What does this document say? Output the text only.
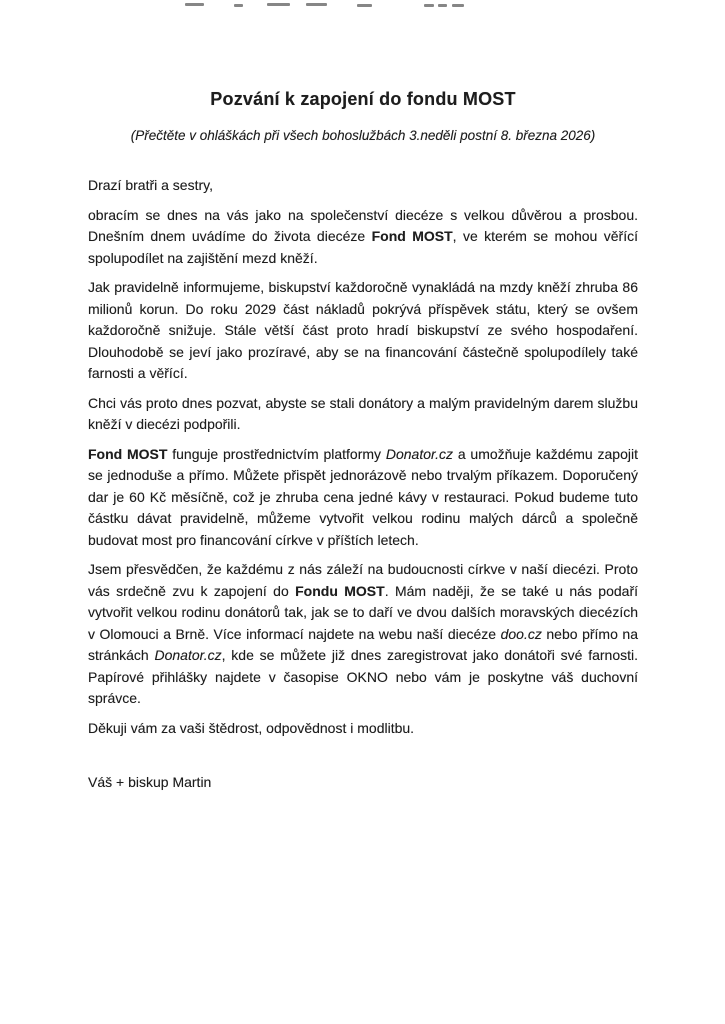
Pozvání k zapojení do fondu MOST

(Přečtěte v ohláškách při všech bohoslužbách 3.neděli postní 8. března 2026)

Drazí bratři a sestry,

obracím se dnes na vás jako na společenství diecéze s velkou důvěrou a prosbou. Dnešním dnem uvádíme do života diecéze Fond MOST, ve kterém se mohou věřící spolupodílet na zajištění mezd kněží.

Jak pravidelně informujeme, biskupství každoročně vynakládá na mzdy kněží zhruba 86 milionů korun. Do roku 2029 část nákladů pokrývá příspěvek státu, který se ovšem každoročně snižuje. Stále větší část proto hradí biskupství ze svého hospodaření. Dlouhodobě se jeví jako prozíravé, aby se na financování částečně spolupodílely také farnosti a věřící.

Chci vás proto dnes pozvat, abyste se stali donátory a malým pravidelným darem službu kněží v diecézi podpořili.

Fond MOST funguje prostřednictvím platformy Donator.cz a umožňuje každému zapojit se jednoduše a přímo. Můžete přispět jednorázově nebo trvalým příkazem. Doporučený dar je 60 Kč měsíčně, což je zhruba cena jedné kávy v restauraci. Pokud budeme tuto částku dávat pravidelně, můžeme vytvořit velkou rodinu malých dárců a společně budovat most pro financování církve v příštích letech.

Jsem přesvědčen, že každému z nás záleží na budoucnosti církve v naší diecézi. Proto vás srdečně zvu k zapojení do Fondu MOST. Mám naději, že se také u nás podaří vytvořit velkou rodinu donátorů tak, jak se to daří ve dvou dalších moravských diecézích v Olomouci a Brně. Více informací najdete na webu naší diecéze doo.cz nebo přímo na stránkách Donator.cz, kde se můžete již dnes zaregistrovat jako donátoři své farnosti. Papírové přihlášky najdete v časopise OKNO nebo vám je poskytne váš duchovní správce.

Děkuji vám za vaši štědrost, odpovědnost i modlitbu.

Váš + biskup Martin
